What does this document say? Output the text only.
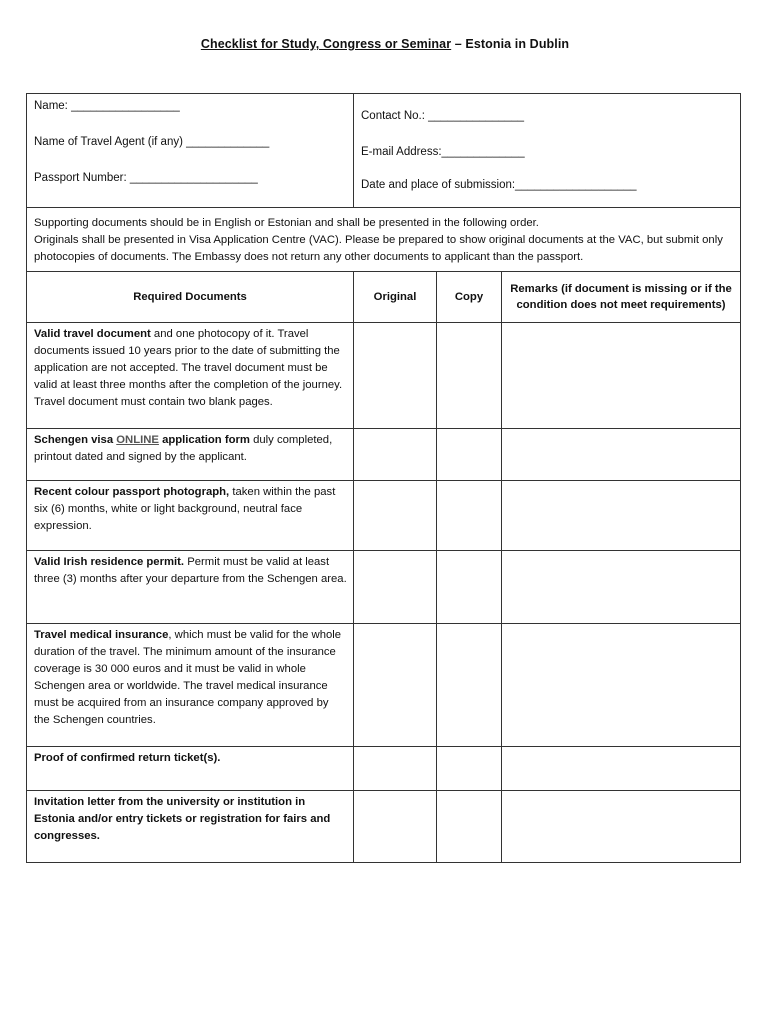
Checklist for Study, Congress or Seminar – Estonia in Dublin
Name: _________________
Name of Travel Agent (if any) _____________
Passport Number: ____________________	Contact No.: _______________
E-mail Address:_____________
Date and place of submission:___________________		

Supporting documents should be in English or Estonian and shall be presented in the following order.
Originals shall be presented in Visa Application Centre (VAC). Please be prepared to show original documents at the VAC, but submit only photocopies of documents. The Embassy does not return any other documents to applicant than the passport.			

Required Documents	Original	Copy	Remarks (if document is missing or if the condition does not meet requirements)
Valid travel document and one photocopy of it. Travel documents issued 10 years prior to the date of submitting the application are not accepted. The travel document must be valid at least three months after the completion of the journey. Travel document must contain two blank pages.			
Schengen visa ONLINE application form duly completed, printout dated and signed by the applicant.			
Recent colour passport photograph, taken within the past six (6) months, white or light background, neutral face expression.			
Valid Irish residence permit. Permit must be valid at least three (3) months after your departure from the Schengen area.			
Travel medical insurance, which must be valid for the whole duration of the travel. The minimum amount of the insurance coverage is 30 000 euros and it must be valid in whole Schengen area or worldwide. The travel medical insurance must be acquired from an insurance company approved by the Schengen countries.			
Proof of confirmed return ticket(s).			
Invitation letter from the university or institution in Estonia and/or entry tickets or registration for fairs and congresses.			
